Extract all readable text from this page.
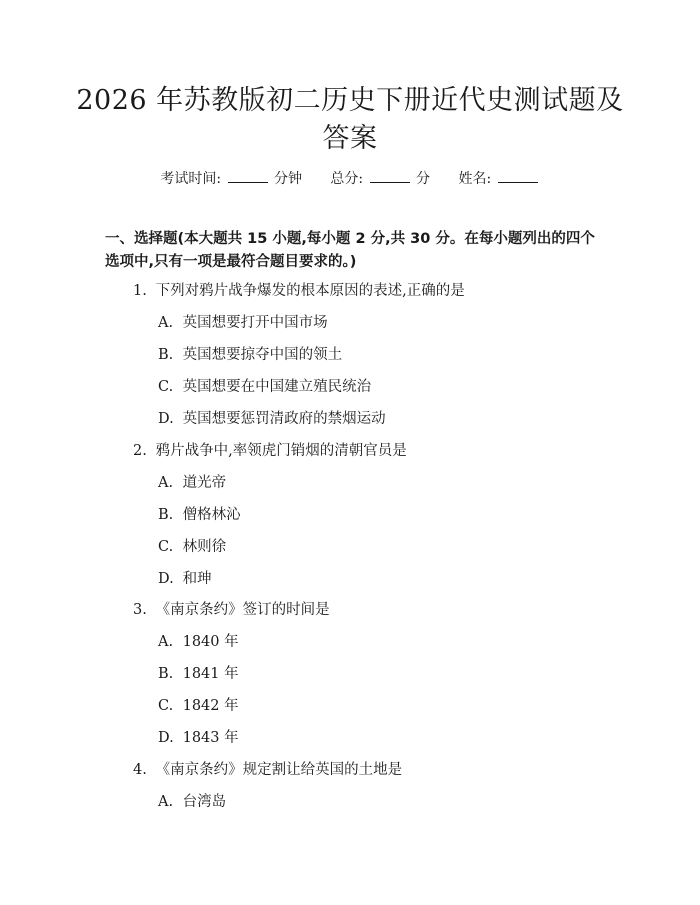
2026 年苏教版初二历史下册近代史测试题及
答案
考试时间:	分钟 总分:	分 姓名:
一、选择题(本大题共 15 小题,每小题 2 分,共 30 分。在每小题列出的四个选项中,只有一项是最符合题目要求的。)
1. 下列对鸦片战争爆发的根本原因的表述,正确的是
A. 英国想要打开中国市场
B. 英国想要掠夺中国的领土
C. 英国想要在中国建立殖民统治
D. 英国想要惩罚清政府的禁烟运动
2. 鸦片战争中,率领虎门销烟的清朝官员是
A. 道光帝
B. 僧格林沁
C. 林则徐
D. 和珅
3. 《南京条约》签订的时间是
A. 1840 年
B. 1841 年
C. 1842 年
D. 1843 年
4. 《南京条约》规定割让给英国的土地是
A. 台湾岛
